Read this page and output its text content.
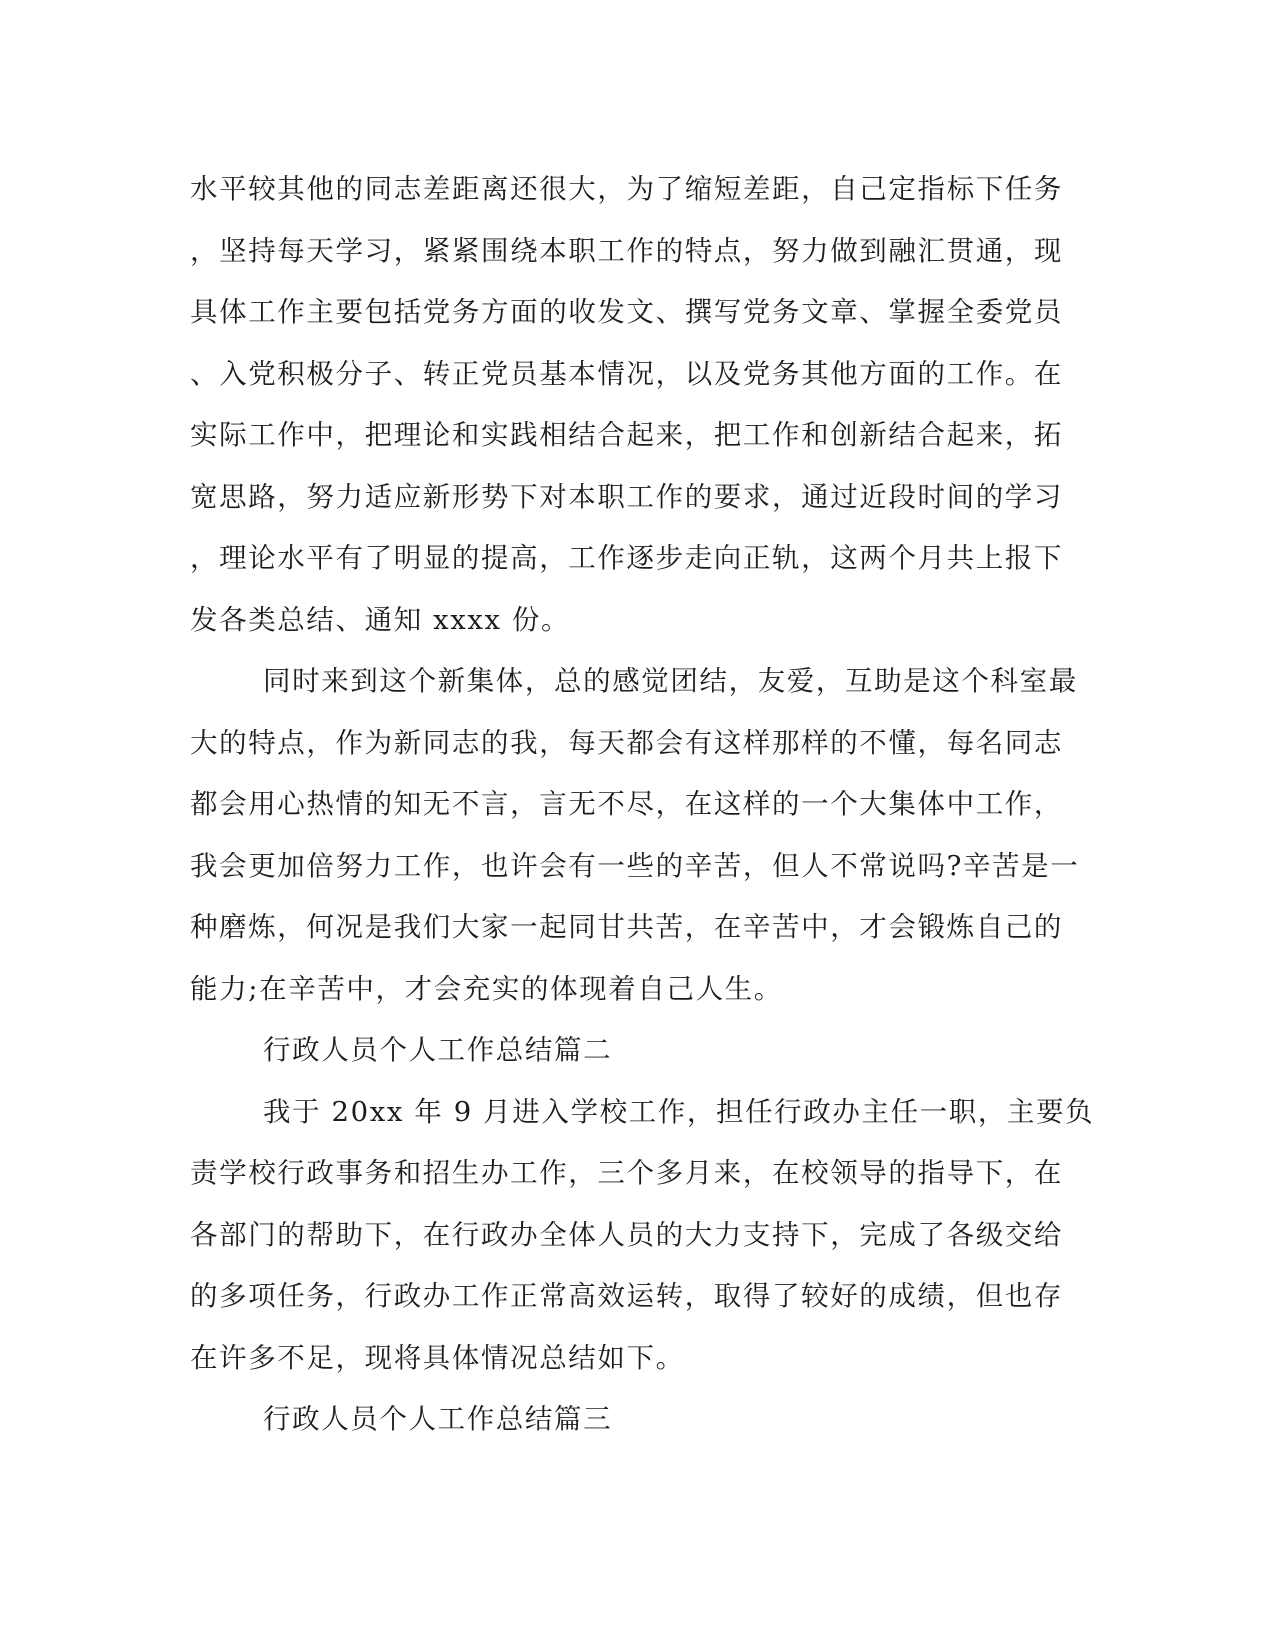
水平较其他的同志差距离还很大，为了缩短差距，自己定指标下任务
，坚持每天学习，紧紧围绕本职工作的特点，努力做到融汇贯通，现
具体工作主要包括党务方面的收发文、撰写党务文章、掌握全委党员
、入党积极分子、转正党员基本情况，以及党务其他方面的工作。在
实际工作中，把理论和实践相结合起来，把工作和创新结合起来，拓
宽思路，努力适应新形势下对本职工作的要求，通过近段时间的学习
，理论水平有了明显的提高，工作逐步走向正轨，这两个月共上报下
发各类总结、通知 xxxx 份。
同时来到这个新集体，总的感觉团结，友爱，互助是这个科室最
大的特点，作为新同志的我，每天都会有这样那样的不懂，每名同志
都会用心热情的知无不言，言无不尽，在这样的一个大集体中工作，
我会更加倍努力工作，也许会有一些的辛苦，但人不常说吗?辛苦是一
种磨炼，何况是我们大家一起同甘共苦，在辛苦中，才会锻炼自己的
能力;在辛苦中，才会充实的体现着自己人生。
行政人员个人工作总结篇二
我于 20xx 年 9 月进入学校工作，担任行政办主任一职，主要负
责学校行政事务和招生办工作，三个多月来，在校领导的指导下，在
各部门的帮助下，在行政办全体人员的大力支持下，完成了各级交给
的多项任务，行政办工作正常高效运转，取得了较好的成绩，但也存
在许多不足，现将具体情况总结如下。
行政人员个人工作总结篇三
